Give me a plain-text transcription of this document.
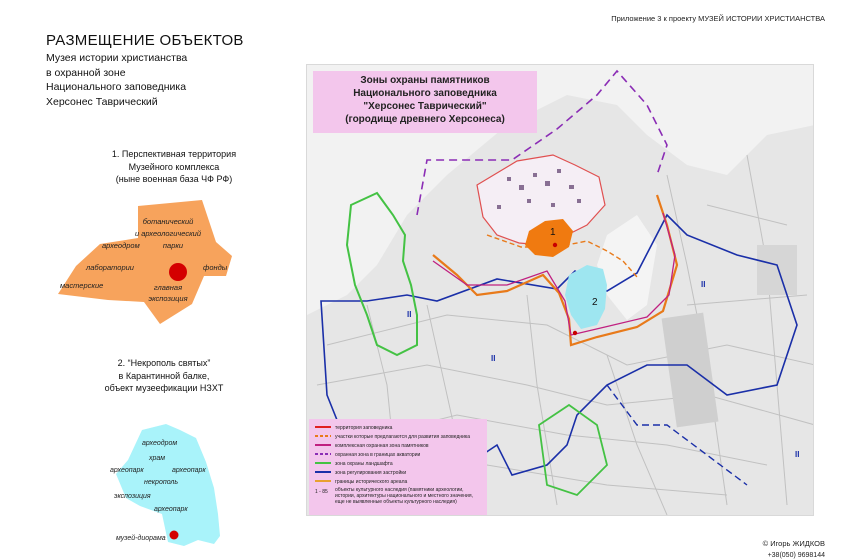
Приложение 3 к проекту МУЗЕЙ ИСТОРИИ ХРИСТИАНСТВА
РАЗМЕЩЕНИЕ ОБЪЕКТОВ
Музея истории христианства
в охранной зоне
Национального заповедника
Херсонес Таврический
1. Перспективная территория
Музейного комплекса
(ныне военная база ЧФ РФ)
ботанический
и археологический
парки
археодром
лаборатории	фонды
мастерские	главная
экспозиция
2. “Некрополь святых”
в Карантинной балке,
объект музеефикации НЗХТ
археодром
храм
археопарк	археопарк
некрополь
экспозиция
археопарк
музей-диорама
1
2
II
II
II
II
Зоны охраны памятников
Национального заповедника
"Херсонес Таврический"
(городище древнего Херсонеса)
территория заповедника
участки которые предлагаются для развития заповедника
комплексная охранная зона памятников
охранная зона в границах акватории
зона охраны ландшафта
зона регулирования застройки
границы исторического ареала
1 - 85 объекты культурного наследия (памятники археологии, истории, архитектуры национального и местного значения, еще не выявленные объекты культурного наследия)
© Игорь ЖИДКОВ
+38(050) 9698144
